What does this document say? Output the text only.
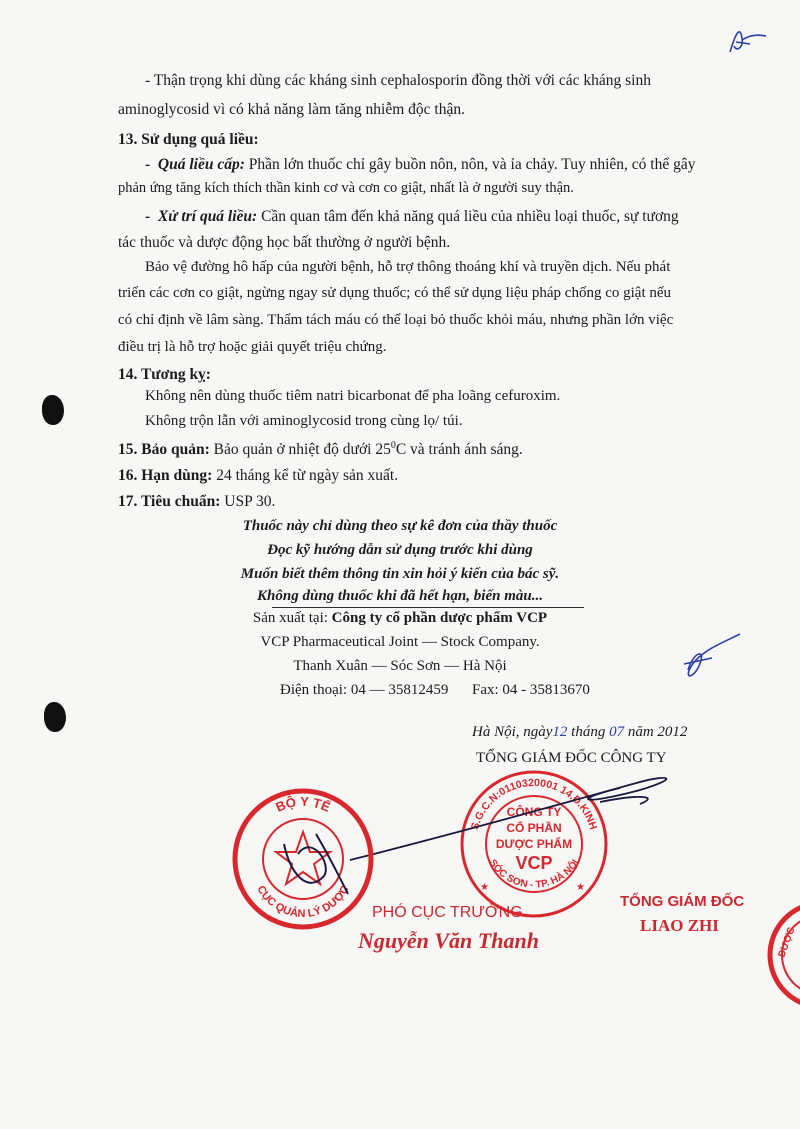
- Thận trọng khi dùng các kháng sinh cephalosporin đồng thời với các kháng sinh
aminoglycosid vì có khả năng làm tăng nhiễm độc thận.
13. Sử dụng quá liều:
-  Quá liều cấp: Phần lớn thuốc chỉ gây buồn nôn, nôn, và ỉa chảy. Tuy nhiên, có thể gây
phản ứng tăng kích thích thần kinh cơ và cơn co giật, nhất là ở người suy thận.
-  Xử trí quá liều: Cần quan tâm đến khả năng quá liều của nhiều loại thuốc, sự tương
tác thuốc và dược động học bất thường ở người bệnh.
Bảo vệ đường hô hấp của người bệnh, hỗ trợ thông thoáng khí và truyền dịch. Nếu phát
triển các cơn co giật, ngừng ngay sử dụng thuốc; có thể sử dụng liệu pháp chống co giật nếu
có chỉ định về lâm sàng. Thẩm tách máu có thể loại bỏ thuốc khỏi máu, nhưng phần lớn việc
điều trị là hỗ trợ hoặc giải quyết triệu chứng.
14. Tương kỵ:
Không nên dùng thuốc tiêm natri bicarbonat để pha loãng cefuroxim.
Không trộn lẫn với aminoglycosid trong cùng lọ/ túi.
15. Bảo quản: Bảo quản ở nhiệt độ dưới $25^0C$ và tránh ánh sáng.
16. Hạn dùng: 24 tháng kể từ ngày sản xuất.
17. Tiêu chuẩn: USP 30.
Thuốc này chỉ dùng theo sự kê đơn của thầy thuốc
Đọc kỹ hướng dẫn sử dụng trước khi dùng
Muốn biết thêm thông tin xin hỏi ý kiến của bác sỹ.
Không dùng thuốc khi đã hết hạn, biến màu...
Sản xuất tại: Công ty cổ phần dược phẩm VCP
VCP Pharmaceutical Joint — Stock Company.
Thanh Xuân — Sóc Sơn — Hà Nội
Điện thoại: 04 — 35812459 Fax: 04 - 35813670
Hà Nội, ngày12 tháng 07 năm 2012
TỔNG GIÁM ĐỐC CÔNG TY
S.G.C.N:0110320001 14.Đ.KINH
SÓC SƠN - TP. HÀ NỘI
CÔNG TY
CỔ PHẦN
DƯỢC PHẨM
VCP
★	★
BỘ Y TẾ
CỤC QUẢN LÝ DƯỢC
PHÓ CỤC TRƯỞNG
Nguyễn Văn Thanh
TỔNG GIÁM ĐỐC
LIAO ZHI
DƯỢC
